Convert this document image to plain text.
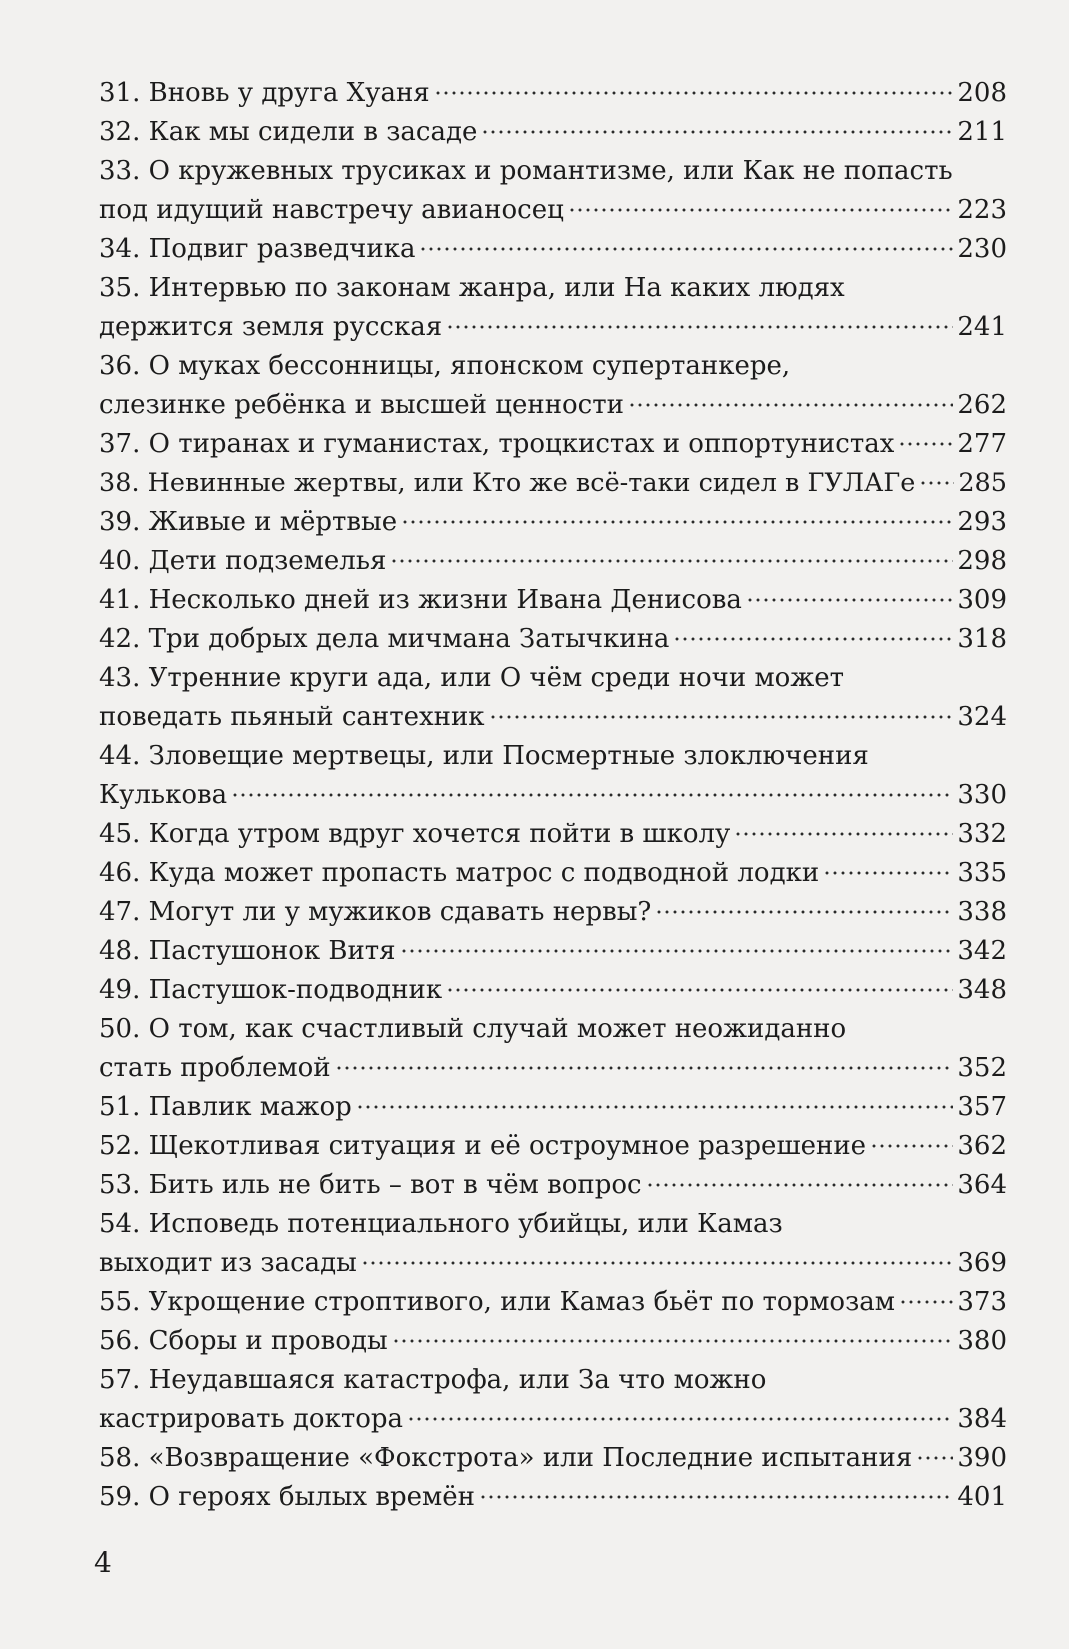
31. Вновь у друга Хуаня	208
32. Как мы сидели в засаде	211
33. О кружевных трусиках и романтизме, или Как не попасть
под идущий навстречу авианосец	223
34. Подвиг разведчика	230
35. Интервью по законам жанра, или На каких людях
держится земля русская	241
36. О муках бессонницы, японском супертанкере,
слезинке ребёнка и высшей ценности	262
37. О тиранах и гуманистах, троцкистах и оппортунистах 277
38. Невинные жертвы, или Кто же всё-таки сидел в ГУЛАГе 285
39. Живые и мёртвые	293
40. Дети подземелья	298
41. Несколько дней из жизни Ивана Денисова	309
42. Три добрых дела мичмана Затычкина	318
43. Утренние круги ада, или О чём среди ночи может
поведать пьяный сантехник	324
44. Зловещие мертвецы, или Посмертные злоключения
Кулькова	330
45. Когда утром вдруг хочется пойти в школу	332
46. Куда может пропасть матрос с подводной лодки	335
47. Могут ли у мужиков сдавать нервы?	338
48. Пастушонок Витя	342
49. Пастушок-подводник	348
50. О том, как счастливый случай может неожиданно
стать проблемой	352
51. Павлик мажор	357
52. Щекотливая ситуация и её остроумное разрешение	362
53. Бить иль не бить – вот в чём вопрос	364
54. Исповедь потенциального убийцы, или Камаз
выходит из засады	369
55. Укрощение строптивого, или Камаз бьёт по тормозам 373
56. Сборы и проводы	380
57. Неудавшаяся катастрофа, или За что можно
кастрировать доктора	384
58. «Возвращение «Фокстрота» или Последние испытания 390
59. О героях былых времён	401
4
